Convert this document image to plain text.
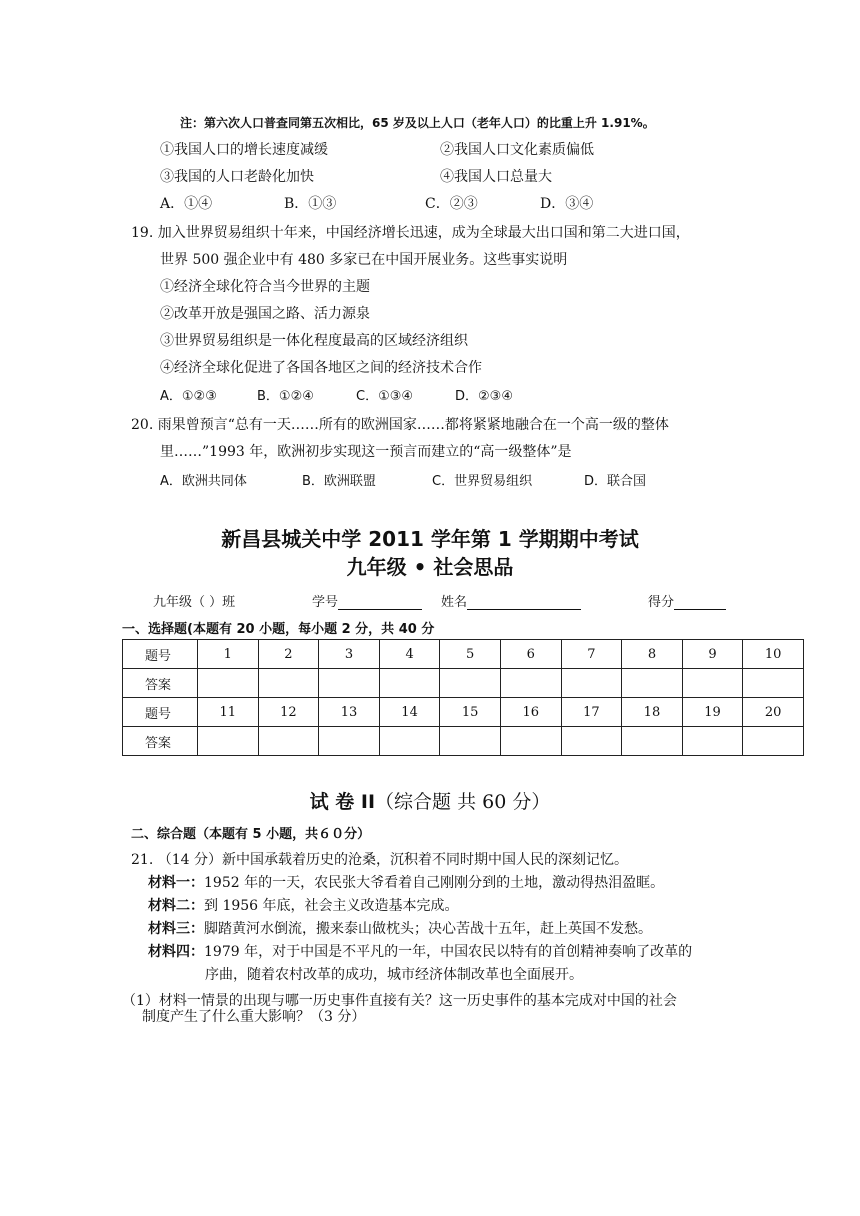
注：第六次人口普查同第五次相比，65 岁及以上人口（老年人口）的比重上升 1.91%。
①我国人口的增长速度减缓	②我国人口文化素质偏低
③我国的人口老龄化加快	④我国人口总量大
A．①④	B．①③	C．②③	D．③④
19. 加入世界贸易组织十年来，中国经济增长迅速，成为全球最大出口国和第二大进口国，
世界 500 强企业中有 480 多家已在中国开展业务。这些事实说明
①经济全球化符合当今世界的主题
②改革开放是强国之路、活力源泉
③世界贸易组织是一体化程度最高的区域经济组织
④经济全球化促进了各国各地区之间的经济技术合作
A．①②③	B．①②④	C．①③④	D．②③④
20. 雨果曾预言“总有一天……所有的欧洲国家……都将紧紧地融合在一个高一级的整体
里……”1993 年，欧洲初步实现这一预言而建立的“高一级整体”是
A．欧洲共同体	B．欧洲联盟	C．世界贸易组织	D．联合国
新昌县城关中学 2011 学年第 1 学期期中考试
九年级 • 社会思品
九年级（ ）班	学号	姓名	得分
一、选择题(本题有 20 小题，每小题 2 分，共 40 分
题号	1	2	3	4	5	6	7	8	9	10
答案										
题号	11	12	13	14	15	16	17	18	19	20
答案										
试 卷 II（综合题 共 60 分）
二、综合题（本题有 5 小题，共６０分）
21. （14 分）新中国承载着历史的沧桑，沉积着不同时期中国人民的深刻记忆。
材料一：1952 年的一天，农民张大爷看着自己刚刚分到的土地，激动得热泪盈眶。
材料二：到 1956 年底，社会主义改造基本完成。
材料三：脚踏黄河水倒流，搬来泰山做枕头；决心苦战十五年，赶上英国不发愁。
材料四：1979 年，对于中国是不平凡的一年，中国农民以特有的首创精神奏响了改革的
序曲，随着农村改革的成功，城市经济体制改革也全面展开。
（1）材料一情景的出现与哪一历史事件直接有关？这一历史事件的基本完成对中国的社会
制度产生了什么重大影响？（3 分）
